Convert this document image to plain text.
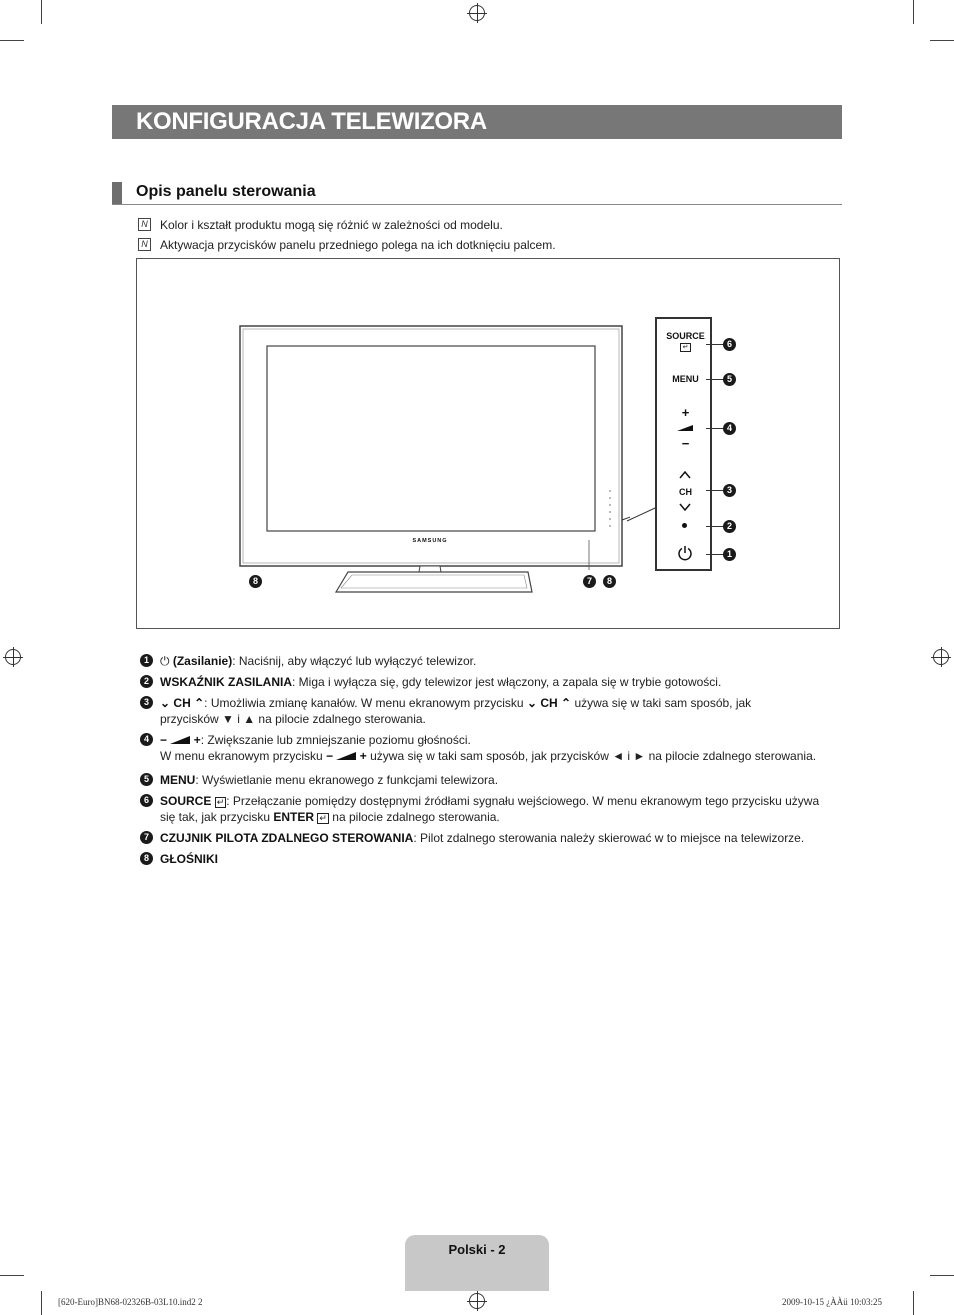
KONFIGURACJA TELEWIZORA
Opis panelu sterowania
N Kolor i kształt produktu mogą się różnić w zależności od modelu.
N Aktywacja przycisków panelu przedniego polega na ich dotknięciu palcem.
SAMSUNG
SOURCE
↵
MENU
+
−
CH
6
5
4
3
2
1
8	7	8
1 ⏻ (Zasilanie): Naciśnij, aby włączyć lub wyłączyć telewizor.
2 WSKAŹNIK ZASILANIA: Miga i wyłącza się, gdy telewizor jest włączony, a zapala się w trybie gotowości.
3 ⌄ CH ⌃: Umożliwia zmianę kanałów. W menu ekranowym przycisku ⌄ CH ⌃ używa się w taki sam sposób, jak
przycisków ▼ i ▲ na pilocie zdalnego sterowania.
4 − +: Zwiększanie lub zmniejszanie poziomu głośności.
W menu ekranowym przycisku − + używa się w taki sam sposób, jak przycisków ◄ i ► na pilocie zdalnego sterowania.
5 MENU: Wyświetlanie menu ekranowego z funkcjami telewizora.
6 SOURCE ↵ : Przełączanie pomiędzy dostępnymi źródłami sygnału wejściowego. W menu ekranowym tego przycisku używa
się tak, jak przycisku ENTER ↵ na pilocie zdalnego sterowania.
7 CZUJNIK PILOTA ZDALNEGO STEROWANIA: Pilot zdalnego sterowania należy skierować w to miejsce na telewizorze.
8 GŁOŚNIKI
Polski - 2
[620-Euro]BN68-02326B-03L10.ind2 2	2009-10-15 ¿ÀÀü 10:03:25
